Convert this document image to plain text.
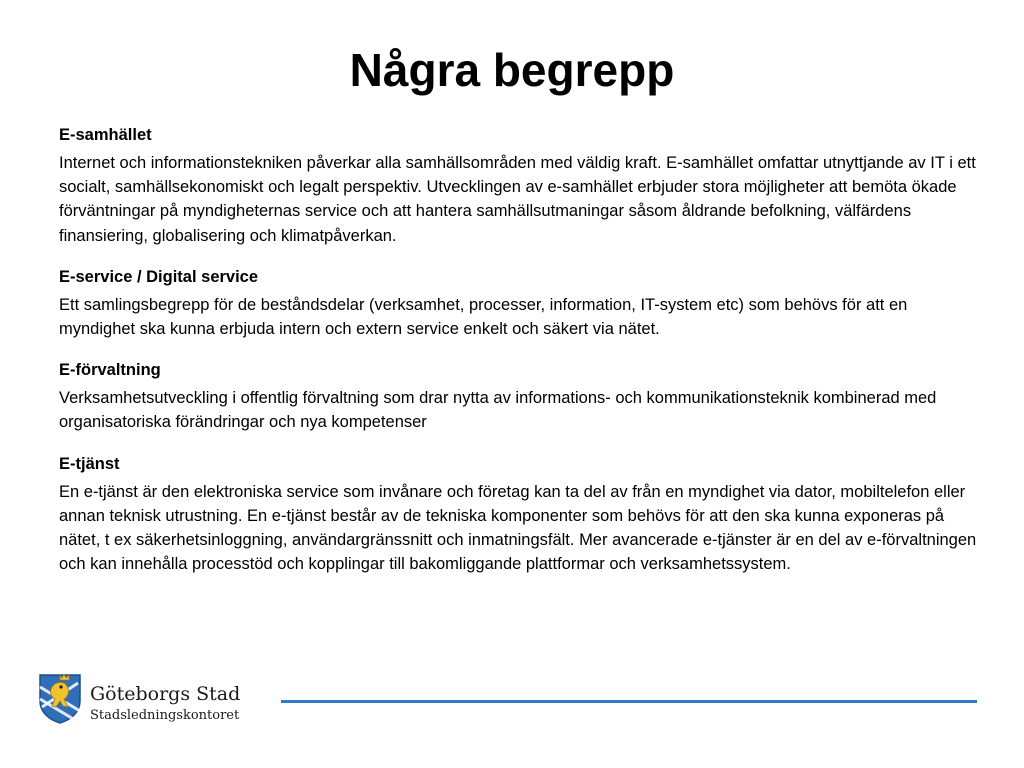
Några begrepp

E-samhället

Internet och informationstekniken påverkar alla samhällsområden med väldig kraft. E-samhället omfattar utnyttjande av IT i ett socialt, samhällsekonomiskt och legalt perspektiv. Utvecklingen av e-samhället erbjuder stora möjligheter att bemöta ökade förväntningar på myndigheternas service och att hantera samhällsutmaningar såsom åldrande befolkning, välfärdens finansiering, globalisering och klimatpåverkan.

E-service / Digital service

Ett samlingsbegrepp för de beståndsdelar (verksamhet, processer, information, IT-system etc) som behövs för att en myndighet ska kunna erbjuda intern och extern service enkelt och säkert via nätet.

E-förvaltning

Verksamhetsutveckling i offentlig förvaltning som drar nytta av informations- och kommunikationsteknik kombinerad med organisatoriska förändringar och nya kompetenser

E-tjänst

En e-tjänst är den elektroniska service som invånare och företag kan ta del av från en myndighet via dator, mobiltelefon eller annan teknisk utrustning. En e-tjänst består av de tekniska komponenter som behövs för att den ska kunna exponeras på nätet, t ex säkerhetsinloggning, användargränssnitt och inmatningsfält. Mer avancerade e-tjänster är en del av e-förvaltningen och kan innehålla processtöd och kopplingar till bakomliggande plattformar och verksamhetssystem.

Göteborgs Stad
Stadsledningskontoret
